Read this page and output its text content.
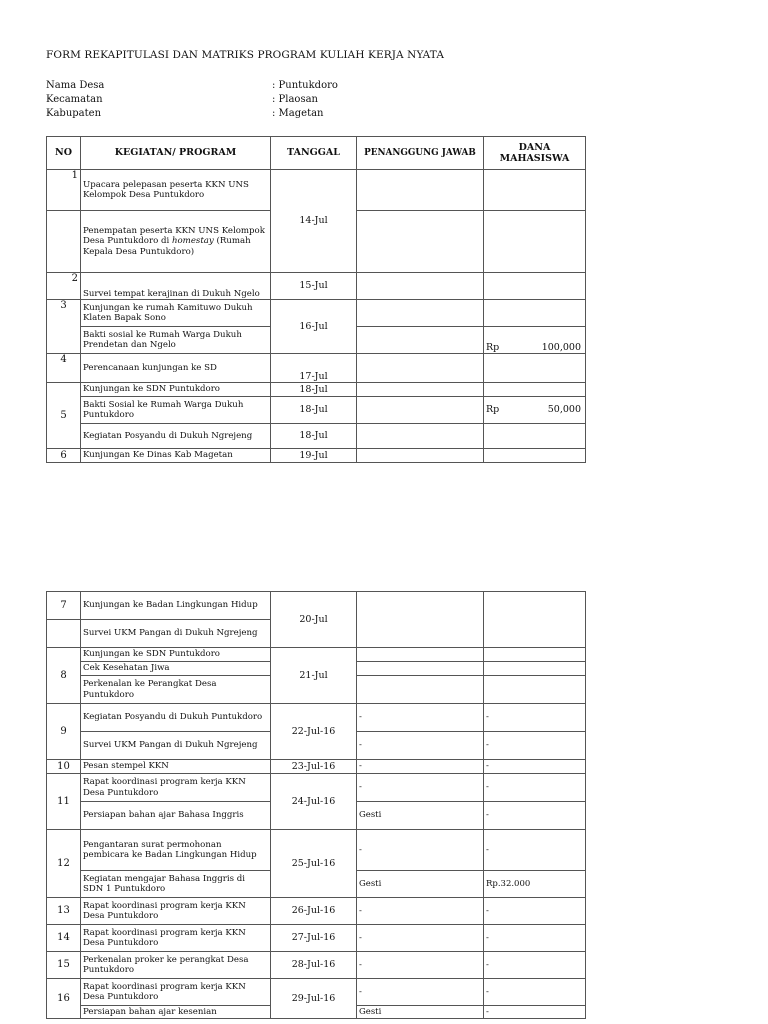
FORM REKAPITULASI DAN MATRIKS PROGRAM KULIAH KERJA NYATA
Nama Desa	: Puntukdoro
Kecamatan	: Plaosan
Kabupaten	: Magetan
NO	KEGIATAN/ PROGRAM	TANGGAL	PENANGGUNG JAWAB	DANA MAHASISWA
1	Upacara pelepasan peserta KKN UNS Kelompok Desa Puntukdoro	14-Jul		
	Penempatan peserta KKN UNS Kelompok Desa Puntukdoro di homestay (Rumah Kepala Desa Puntukdoro)			
2	Survei tempat kerajinan di Dukuh Ngelo	15-Jul		
3	Kunjungan ke rumah Kamituwo Dukuh Klaten Bapak Sono	16-Jul		
	Bakti sosial ke Rumah Warga Dukuh Prendetan dan Ngelo			Rp 100,000

4	Perencanaan kunjungan ke SD	17-Jul		
5	Kunjungan ke SDN Puntukdoro	18-Jul		
	Bakti Sosial ke Rumah Warga Dukuh Puntukdoro	18-Jul		Rp 50,000

	Kegiatan Posyandu di Dukuh Ngrejeng	18-Jul		
6	Kunjungan Ke Dinas Kab Magetan	19-Jul		
7	Kunjungan ke Badan Lingkungan Hidup	20-Jul		
	Survei UKM Pangan di Dukuh Ngrejeng			
8	Kunjungan ke SDN Puntukdoro	21-Jul		
	Cek Kesehatan Jiwa			
	Perkenalan ke Perangkat Desa Puntukdoro			
9	Kegiatan Posyandu di Dukuh Puntukdoro	22-Jul-16	-	-
	Survei UKM Pangan di Dukuh Ngrejeng		-	-
10	Pesan stempel KKN	23-Jul-16	-	-
11	Rapat koordinasi program kerja KKN Desa Puntukdoro	24-Jul-16	-	-
	Persiapan bahan ajar Bahasa Inggris		Gesti	-
12	Pengantaran surat permohonan pembicara ke Badan Lingkungan Hidup	25-Jul-16	-	-
	Kegiatan mengajar Bahasa Inggris di SDN 1 Puntukdoro		Gesti	Rp.32.000
13	Rapat koordinasi program kerja KKN Desa Puntukdoro	26-Jul-16	-	-
14	Rapat koordinasi program kerja KKN Desa Puntukdoro	27-Jul-16	-	-
15	Perkenalan proker ke perangkat Desa Puntukdoro	28-Jul-16	-	-
16	Rapat koordinasi program kerja KKN Desa Puntukdoro	29-Jul-16	-	-
	Persiapan bahan ajar kesenian		Gesti	-
